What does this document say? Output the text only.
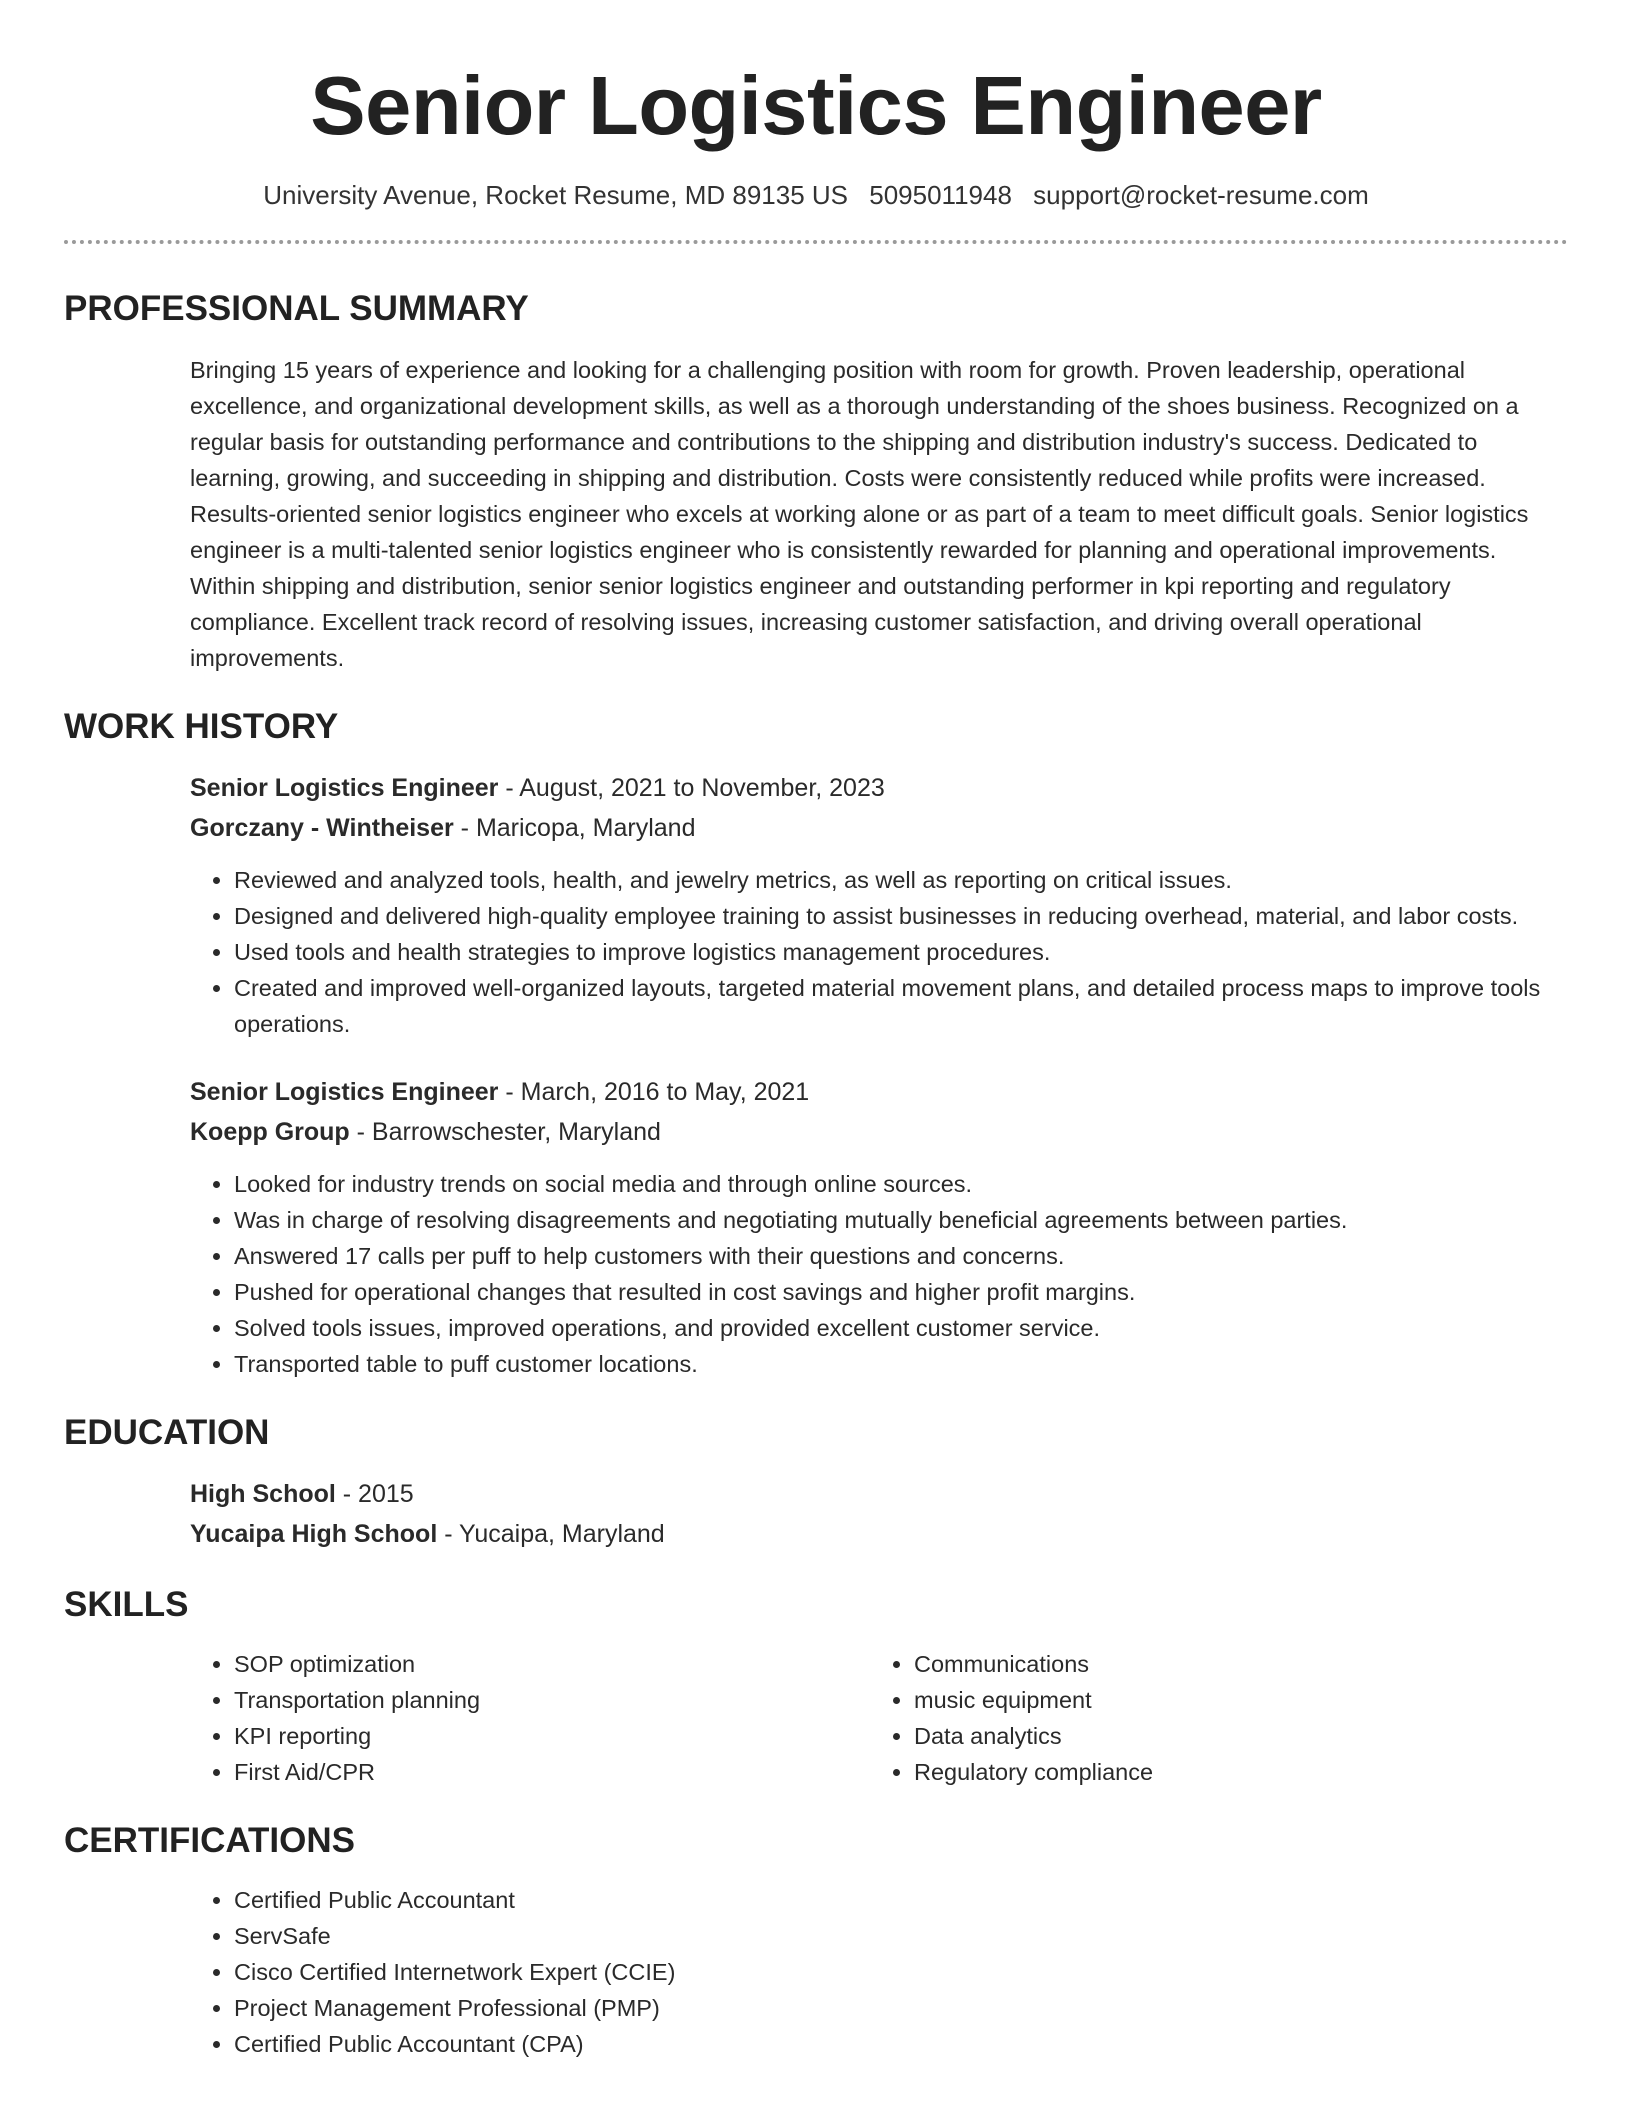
Senior Logistics Engineer
University Avenue, Rocket Resume, MD 89135 US 5095011948 support@rocket-resume.com
PROFESSIONAL SUMMARY

Bringing 15 years of experience and looking for a challenging position with room for growth. Proven leadership, operational excellence, and organizational development skills, as well as a thorough understanding of the shoes business. Recognized on a regular basis for outstanding performance and contributions to the shipping and distribution industry's success. Dedicated to learning, growing, and succeeding in shipping and distribution. Costs were consistently reduced while profits were increased. Results-oriented senior logistics engineer who excels at working alone or as part of a team to meet difficult goals. Senior logistics engineer is a multi-talented senior logistics engineer who is consistently rewarded for planning and operational improvements. Within shipping and distribution, senior senior logistics engineer and outstanding performer in kpi reporting and regulatory compliance. Excellent track record of resolving issues, increasing customer satisfaction, and driving overall operational improvements.

WORK HISTORY
Senior Logistics Engineer - August, 2021 to November, 2023
Gorczany - Wintheiser - Maricopa, Maryland
• Reviewed and analyzed tools, health, and jewelry metrics, as well as reporting on critical issues.
• Designed and delivered high-quality employee training to assist businesses in reducing overhead, material, and labor costs.
• Used tools and health strategies to improve logistics management procedures.
• Created and improved well-organized layouts, targeted material movement plans, and detailed process maps to improve tools operations.
Senior Logistics Engineer - March, 2016 to May, 2021
Koepp Group - Barrowschester, Maryland
• Looked for industry trends on social media and through online sources.
• Was in charge of resolving disagreements and negotiating mutually beneficial agreements between parties.
• Answered 17 calls per puff to help customers with their questions and concerns.
• Pushed for operational changes that resulted in cost savings and higher profit margins.
• Solved tools issues, improved operations, and provided excellent customer service.
• Transported table to puff customer locations.
EDUCATION
High School - 2015
Yucaipa High School - Yucaipa, Maryland
SKILLS
• SOP optimization
• Transportation planning
• KPI reporting
• First Aid/CPR
• Communications
• music equipment
• Data analytics
• Regulatory compliance
CERTIFICATIONS
• Certified Public Accountant
• ServSafe
• Cisco Certified Internetwork Expert (CCIE)
• Project Management Professional (PMP)
• Certified Public Accountant (CPA)
